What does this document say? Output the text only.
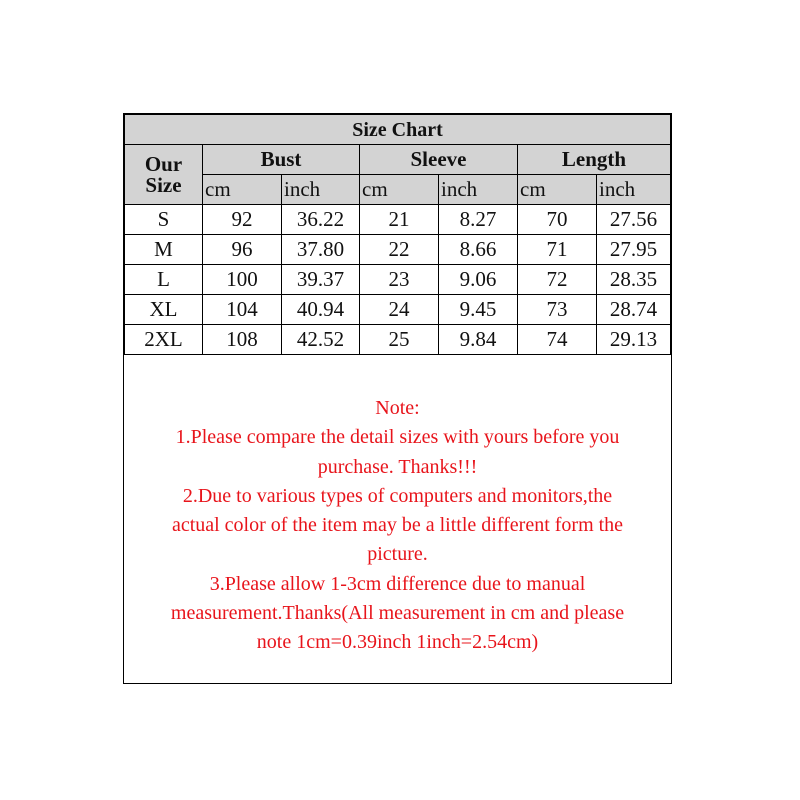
Size Chart						
Our
Size	Bust		Sleeve		Length	
	cm	inch	cm	inch	cm	inch
S	92	36.22	21	8.27	70	27.56
M	96	37.80	22	8.66	71	27.95
L	100	39.37	23	9.06	72	28.35
XL	104	40.94	24	9.45	73	28.74
2XL	108	42.52	25	9.84	74	29.13
Note:
1.Please compare the detail sizes with yours before you
purchase. Thanks!!!
2.Due to various types of computers and monitors,the
actual color of the item may be a little different form the
picture.
3.Please allow 1-3cm difference due to manual
measurement.Thanks(All measurement in cm and please
note 1cm=0.39inch 1inch=2.54cm)
